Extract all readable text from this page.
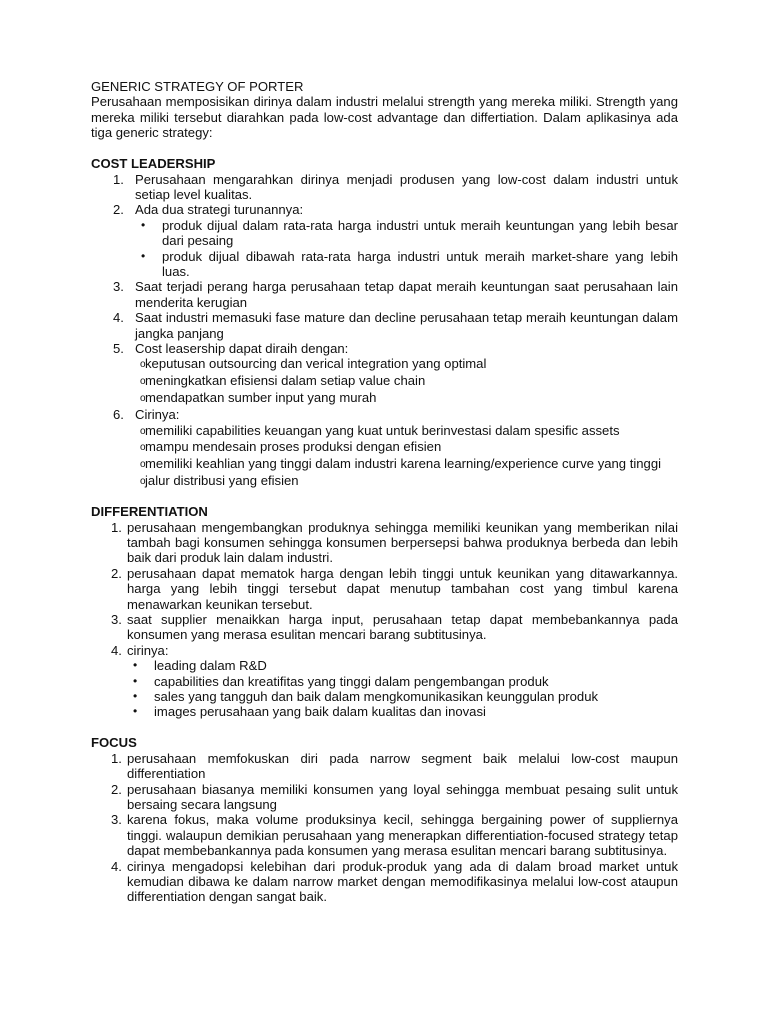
GENERIC STRATEGY OF PORTER

Perusahaan memposisikan dirinya dalam industri melalui strength yang mereka miliki. Strength yang mereka miliki tersebut diarahkan pada low-cost advantage dan differtiation. Dalam aplikasinya ada tiga generic strategy:

COST LEADERSHIP

1. Perusahaan mengarahkan dirinya menjadi produsen yang low-cost dalam industri untuk setiap level kualitas.
2. Ada dua strategi turunannya:
• produk dijual dalam rata-rata harga industri untuk meraih keuntungan yang lebih besar dari pesaing
• produk dijual dibawah rata-rata harga industri untuk meraih market-share yang lebih luas.
3. Saat terjadi perang harga perusahaan tetap dapat meraih keuntungan saat perusahaan lain menderita kerugian
4. Saat industri memasuki fase mature dan decline perusahaan tetap meraih keuntungan dalam jangka panjang
5. Cost leasership dapat diraih dengan:
o keputusan outsourcing dan verical integration yang optimal
o meningkatkan efisiensi dalam setiap value chain
o mendapatkan sumber input yang murah
6. Cirinya:
o memiliki capabilities keuangan yang kuat untuk berinvestasi dalam spesific assets
o mampu mendesain proses produksi dengan efisien
o memiliki keahlian yang tinggi dalam industri karena learning/experience curve yang tinggi
o jalur distribusi yang efisien

DIFFERENTIATION

1. perusahaan mengembangkan produknya sehingga memiliki keunikan yang memberikan nilai tambah bagi konsumen sehingga konsumen berpersepsi bahwa produknya berbeda dan lebih baik dari produk lain dalam industri.
2. perusahaan dapat mematok harga dengan lebih tinggi untuk keunikan yang ditawarkannya. harga yang lebih tinggi tersebut dapat menutup tambahan cost yang timbul karena menawarkan keunikan tersebut.
3. saat supplier menaikkan harga input, perusahaan tetap dapat membebankannya pada konsumen yang merasa esulitan mencari barang subtitusinya.
4. cirinya:
• leading dalam R&D
• capabilities dan kreatifitas yang tinggi dalam pengembangan produk
• sales yang tangguh dan baik dalam mengkomunikasikan keunggulan produk
• images perusahaan yang baik dalam kualitas dan inovasi

FOCUS

1. perusahaan memfokuskan diri pada narrow segment baik melalui low-cost maupun differentiation
2. perusahaan biasanya memiliki konsumen yang loyal sehingga membuat pesaing sulit untuk bersaing secara langsung
3. karena fokus, maka volume produksinya kecil, sehingga bergaining power of suppliernya tinggi. walaupun demikian perusahaan yang menerapkan differentiation-focused strategy tetap dapat membebankannya pada konsumen yang merasa esulitan mencari barang subtitusinya.
4. cirinya mengadopsi kelebihan dari produk-produk yang ada di dalam broad market untuk kemudian dibawa ke dalam narrow market dengan memodifikasinya melalui low-cost ataupun differentiation dengan sangat baik.
